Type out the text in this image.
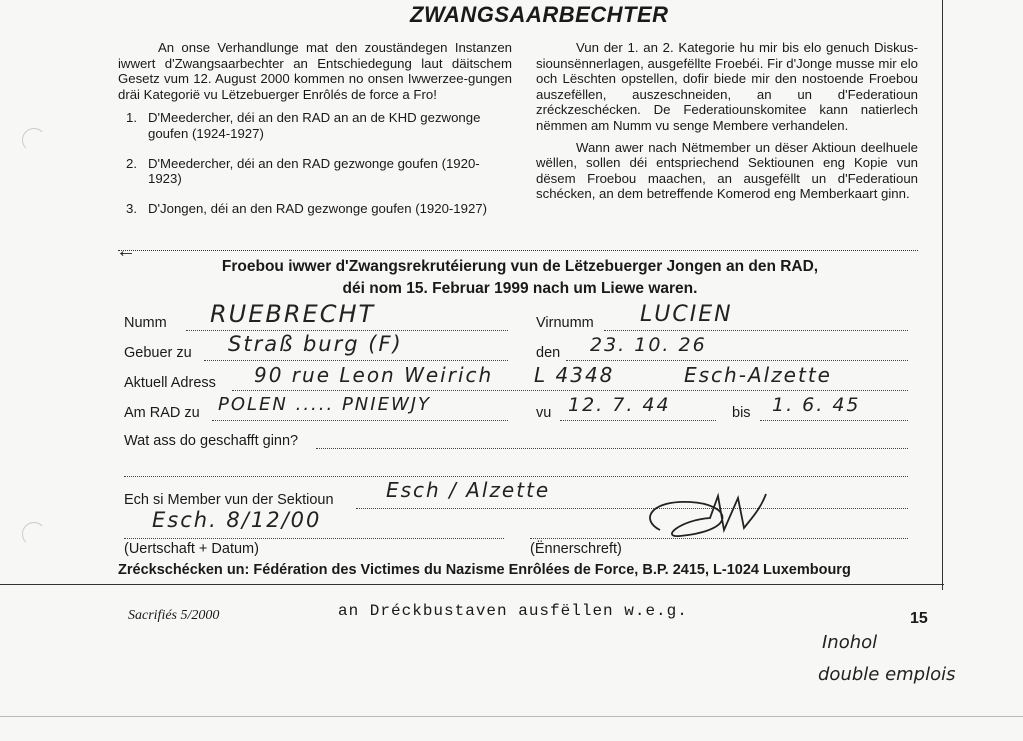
ZWANGSAARBECHTER

An onse Verhandlunge mat den zouständegen Instanzen iwwert d'Zwangsaarbechter an Entschiedegung laut däitschem Gesetz vum 12. August 2000 kommen no onsen Iwwerzee-gungen dräi Kategorië vu Lëtzebuerger Enrôlés de force a Fro!

1. D'Meedercher, déi an den RAD an an de KHD gezwonge goufen (1924-1927)
2. D'Meedercher, déi an den RAD gezwonge goufen (1920-1923)
3. D'Jongen, déi an den RAD gezwonge goufen (1920-1927)

Vun der 1. an 2. Kategorie hu mir bis elo genuch Diskus-siounsënnerlagen, ausgefëllte Froebéi. Fir d'Jonge musse mir elo och Lëschten opstellen, dofir biede mir den nostoende Froebou auszefëllen, auszeschneiden, an un d'Federatioun zréckzeschécken. De Federatiounskomitee kann natierlech nëmmen am Numm vu senge Membere verhandelen.

Wann awer nach Nëtmember un dëser Aktioun deelhuele wëllen, sollen déi entspriechend Sektiounen eng Kopie vun dësem Froebou maachen, an ausgefëllt un d'Federatioun schécken, an dem betreffende Komerod eng Memberkaart ginn.

←
Froebou iwwer d'Zwangsrekrutéierung vun de Lëtzebuerger Jongen an den RAD,
déi nom 15. Februar 1999 nach um Liewe waren.
Numm RUEBRECHT	Virnumm LUCIEN
Gebuer zu Straß burg (F)	den 23. 10. 26
Aktuell Adress 90 rue Leon Weirich L 4348	Esch-Alzette
Am RAD zu POLEN ..... PNIEWJY	vu 12. 7. 44	bis 1. 6. 45
Wat ass do geschafft ginn?
Ech si Member vun der Sektioun	Esch / Alzette
Esch. 8/12/00
(Uertschaft + Datum)	(Ënnerschreft)
Zréckschécken un: Fédération des Victimes du Nazisme Enrôlées de Force, B.P. 2415, L-1024 Luxembourg
Sacrifiés 5/2000	an Dréckbustaven ausfëllen w.e.g.	15
Inohol
double emplois
